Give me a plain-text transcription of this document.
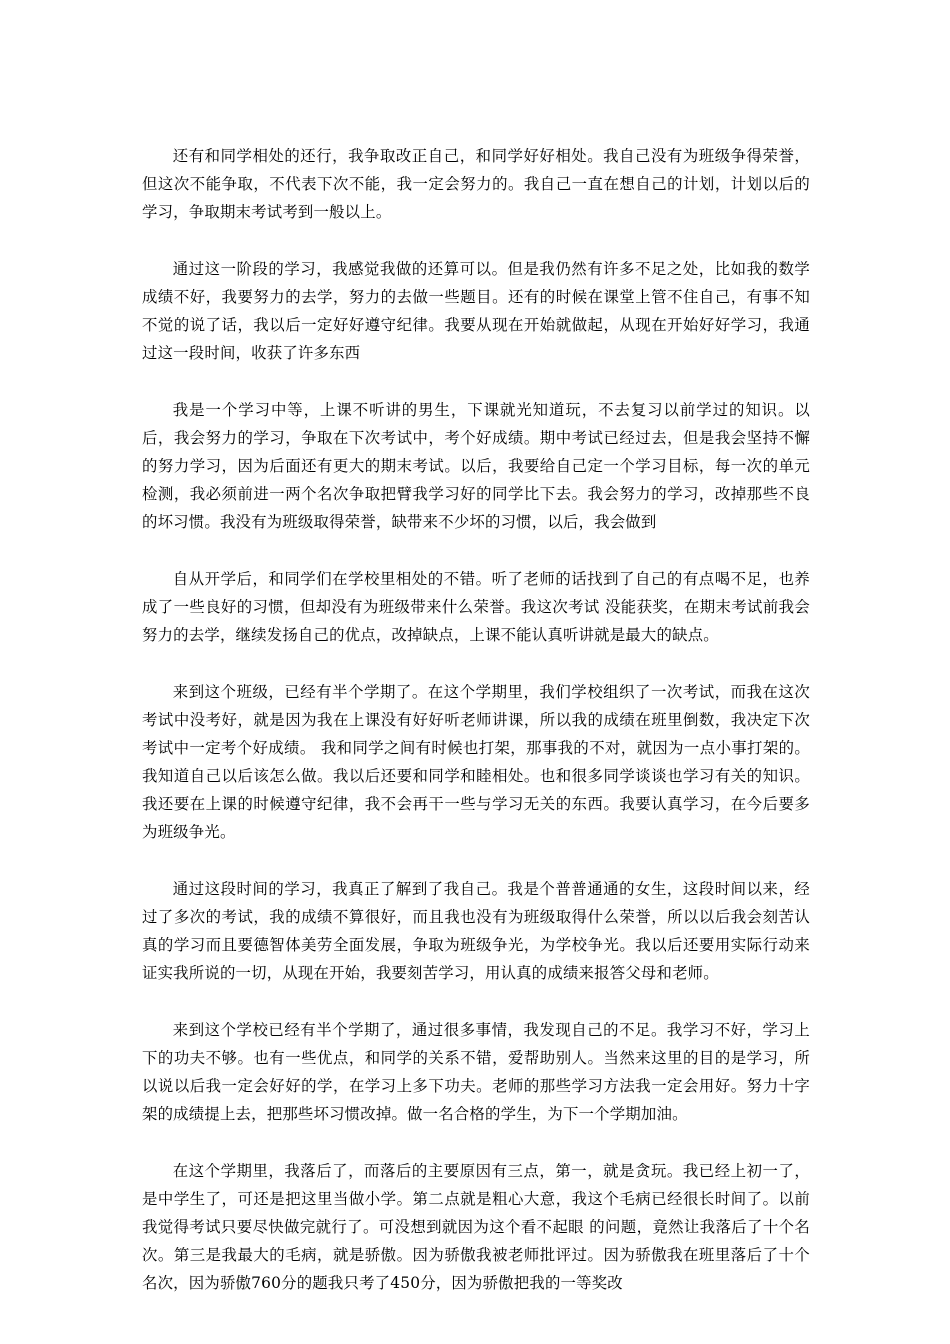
还有和同学相处的还行，我争取改正自己，和同学好好相处。我自己没有为班级争得荣誉，但这次不能争取，不代表下次不能，我一定会努力的。我自己一直在想自己的计划，计划以后的学习，争取期末考试考到一般以上。

通过这一阶段的学习，我感觉我做的还算可以。但是我仍然有许多不足之处，比如我的数学成绩不好，我要努力的去学，努力的去做一些题目。还有的时候在课堂上管不住自己，有事不知不觉的说了话，我以后一定好好遵守纪律。我要从现在开始就做起，从现在开始好好学习，我通过这一段时间，收获了许多东西

我是一个学习中等，上课不听讲的男生，下课就光知道玩，不去复习以前学过的知识。以后，我会努力的学习，争取在下次考试中，考个好成绩。期中考试已经过去，但是我会坚持不懈的努力学习，因为后面还有更大的期末考试。以后，我要给自己定一个学习目标，每一次的单元检测，我必须前进一两个名次争取把臂我学习好的同学比下去。我会努力的学习，改掉那些不良的坏习惯。我没有为班级取得荣誉，缺带来不少坏的习惯，以后，我会做到

自从开学后，和同学们在学校里相处的不错。听了老师的话找到了自己的有点喝不足，也养成了一些良好的习惯，但却没有为班级带来什么荣誉。我这次考试 没能获奖，在期末考试前我会努力的去学，继续发扬自己的优点，改掉缺点，上课不能认真听讲就是最大的缺点。

来到这个班级，已经有半个学期了。在这个学期里，我们学校组织了一次考试，而我在这次考试中没考好，就是因为我在上课没有好好听老师讲课，所以我的成绩在班里倒数，我决定下次考试中一定考个好成绩。 我和同学之间有时候也打架，那事我的不对，就因为一点小事打架的。我知道自己以后该怎么做。我以后还要和同学和睦相处。也和很多同学谈谈也学习有关的知识。我还要在上课的时候遵守纪律，我不会再干一些与学习无关的东西。我要认真学习，在今后要多为班级争光。

通过这段时间的学习，我真正了解到了我自己。我是个普普通通的女生，这段时间以来，经过了多次的考试，我的成绩不算很好，而且我也没有为班级取得什么荣誉，所以以后我会刻苦认真的学习而且要德智体美劳全面发展，争取为班级争光，为学校争光。我以后还要用实际行动来证实我所说的一切，从现在开始，我要刻苦学习，用认真的成绩来报答父母和老师。

来到这个学校已经有半个学期了，通过很多事情，我发现自己的不足。我学习不好，学习上下的功夫不够。也有一些优点，和同学的关系不错，爱帮助别人。当然来这里的目的是学习，所以说以后我一定会好好的学，在学习上多下功夫。老师的那些学习方法我一定会用好。努力十字架的成绩提上去，把那些坏习惯改掉。做一名合格的学生，为下一个学期加油。

在这个学期里，我落后了，而落后的主要原因有三点，第一，就是贪玩。我已经上初一了，是中学生了，可还是把这里当做小学。第二点就是粗心大意，我这个毛病已经很长时间了。以前我觉得考试只要尽快做完就行了。可没想到就因为这个看不起眼 的问题，竟然让我落后了十个名次。第三是我最大的毛病，就是骄傲。因为骄傲我被老师批评过。因为骄傲我在班里落后了十个名次，因为骄傲760分的题我只考了450分，因为骄傲把我的一等奖改
